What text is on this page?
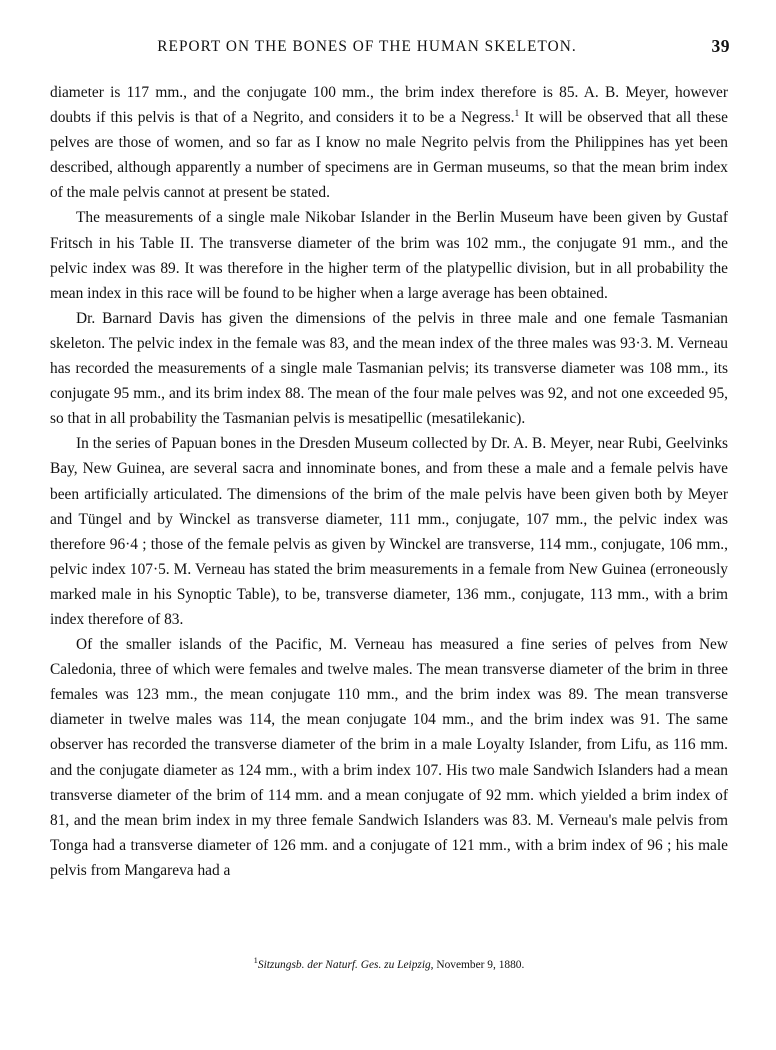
REPORT ON THE BONES OF THE HUMAN SKELETON.	39

diameter is 117 mm., and the conjugate 100 mm., the brim index therefore is 85. A. B. Meyer, however doubts if this pelvis is that of a Negrito, and considers it to be a Negress.$^1$ It will be observed that all these pelves are those of women, and so far as I know no male Negrito pelvis from the Philippines has yet been described, although apparently a number of specimens are in German museums, so that the mean brim index of the male pelvis cannot at present be stated.

The measurements of a single male Nikobar Islander in the Berlin Museum have been given by Gustaf Fritsch in his Table II. The transverse diameter of the brim was 102 mm., the conjugate 91 mm., and the pelvic index was 89. It was therefore in the higher term of the platypellic division, but in all probability the mean index in this race will be found to be higher when a large average has been obtained.

Dr. Barnard Davis has given the dimensions of the pelvis in three male and one female Tasmanian skeleton. The pelvic index in the female was 83, and the mean index of the three males was 93·3. M. Verneau has recorded the measurements of a single male Tasmanian pelvis; its transverse diameter was 108 mm., its conjugate 95 mm., and its brim index 88. The mean of the four male pelves was 92, and not one exceeded 95, so that in all probability the Tasmanian pelvis is mesatipellic (mesatilekanic).

In the series of Papuan bones in the Dresden Museum collected by Dr. A. B. Meyer, near Rubi, Geelvinks Bay, New Guinea, are several sacra and innominate bones, and from these a male and a female pelvis have been artificially articulated. The dimensions of the brim of the male pelvis have been given both by Meyer and Tüngel and by Winckel as transverse diameter, 111 mm., conjugate, 107 mm., the pelvic index was therefore 96·4 ; those of the female pelvis as given by Winckel are transverse, 114 mm., conjugate, 106 mm., pelvic index 107·5. M. Verneau has stated the brim measurements in a female from New Guinea (erroneously marked male in his Synoptic Table), to be, transverse diameter, 136 mm., conjugate, 113 mm., with a brim index therefore of 83.

Of the smaller islands of the Pacific, M. Verneau has measured a fine series of pelves from New Caledonia, three of which were females and twelve males. The mean transverse diameter of the brim in three females was 123 mm., the mean conjugate 110 mm., and the brim index was 89. The mean transverse diameter in twelve males was 114, the mean conjugate 104 mm., and the brim index was 91. The same observer has recorded the transverse diameter of the brim in a male Loyalty Islander, from Lifu, as 116 mm. and the conjugate diameter as 124 mm., with a brim index 107. His two male Sandwich Islanders had a mean transverse diameter of the brim of 114 mm. and a mean conjugate of 92 mm. which yielded a brim index of 81, and the mean brim index in my three female Sandwich Islanders was 83. M. Verneau's male pelvis from Tonga had a transverse diameter of 126 mm. and a conjugate of 121 mm., with a brim index of 96 ; his male pelvis from Mangareva had a

$^1$Sitzungsb. der Naturf. Ges. zu Leipzig, November 9, 1880.
